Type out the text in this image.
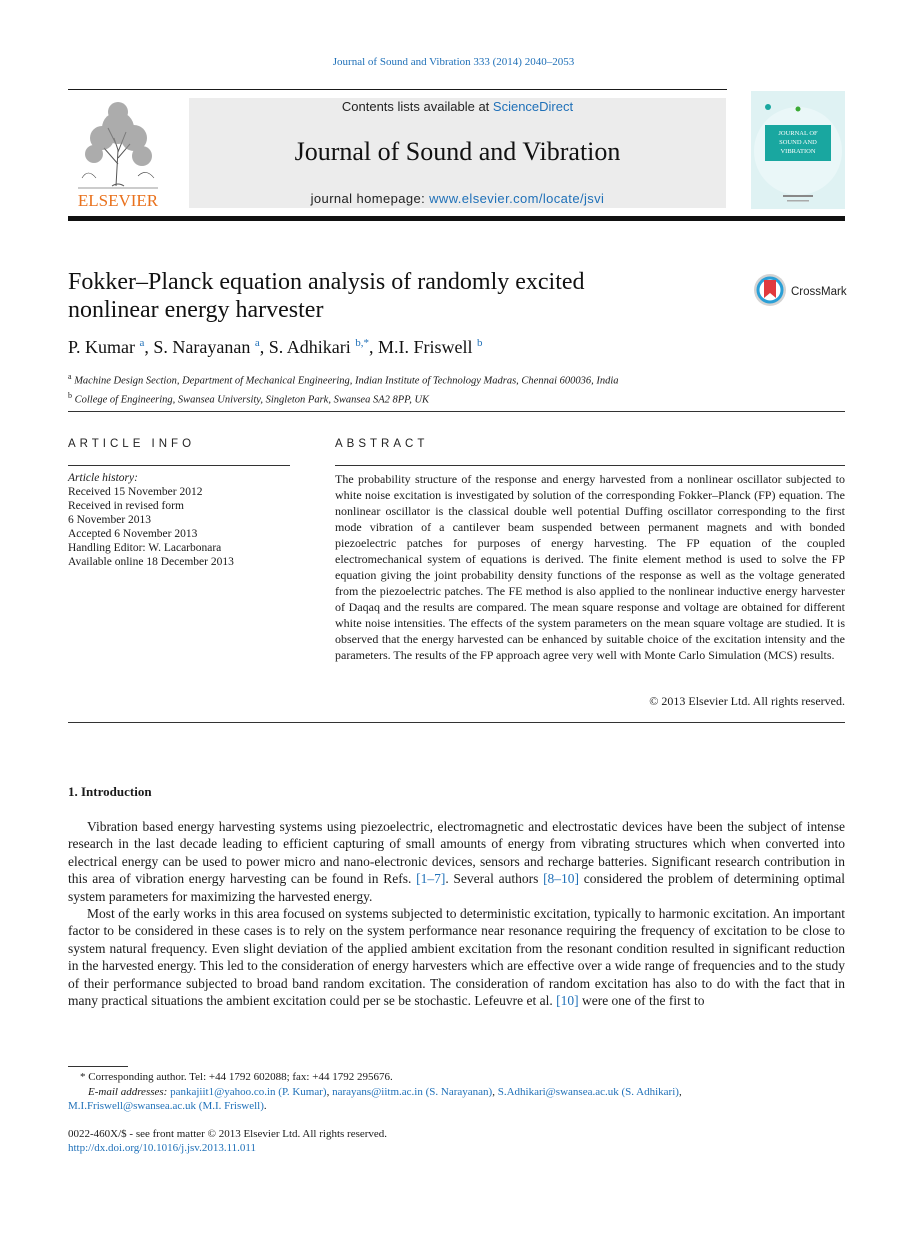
Journal of Sound and Vibration 333 (2014) 2040–2053
ELSEVIER
Contents lists available at ScienceDirect
Journal of Sound and Vibration
journal homepage: www.elsevier.com/locate/jsvi
JOURNAL OF
SOUND AND
VIBRATION
Fokker–Planck equation analysis of randomly excited
nonlinear energy harvester
CrossMark
P. Kumar $^a$, S. Narayanan $^a$, S. Adhikari $^{b,*}$, M.I. Friswell $^b$
$^a$ Machine Design Section, Department of Mechanical Engineering, Indian Institute of Technology Madras, Chennai 600036, India
$^b$ College of Engineering, Swansea University, Singleton Park, Swansea SA2 8PP, UK
ARTICLE INFO	ABSTRACT
Article history:
Received 15 November 2012
Received in revised form
6 November 2013
Accepted 6 November 2013
Handling Editor: W. Lacarbonara
Available online 18 December 2013
The probability structure of the response and energy harvested from a nonlinear oscillator subjected to white noise excitation is investigated by solution of the corresponding Fokker–Planck (FP) equation. The nonlinear oscillator is the classical double well potential Duffing oscillator corresponding to the first mode vibration of a cantilever beam suspended between permanent magnets and with bonded piezoelectric patches for purposes of energy harvesting. The FP equation of the coupled electromechanical system of equations is derived. The finite element method is used to solve the FP equation giving the joint probability density functions of the response as well as the voltage generated from the piezoelectric patches. The FE method is also applied to the nonlinear inductive energy harvester of Daqaq and the results are compared. The mean square response and voltage are obtained for different white noise intensities. The effects of the system parameters on the mean square voltage are studied. It is observed that the energy harvested can be enhanced by suitable choice of the excitation intensity and the parameters. The results of the FP approach agree very well with Monte Carlo Simulation (MCS) results.
© 2013 Elsevier Ltd. All rights reserved.
1. Introduction
Vibration based energy harvesting systems using piezoelectric, electromagnetic and electrostatic devices have been the subject of intense research in the last decade leading to efficient capturing of small amounts of energy from vibrating structures which when converted into electrical energy can be used to power micro and nano-electronic devices, sensors and recharge batteries. Significant research contribution in this area of vibration energy harvesting can be found in Refs. [1–7]. Several authors [8–10] considered the problem of determining optimal system parameters for maximizing the harvested energy.
Most of the early works in this area focused on systems subjected to deterministic excitation, typically to harmonic excitation. An important factor to be considered in these cases is to rely on the system performance near resonance requiring the frequency of excitation to be close to system natural frequency. Even slight deviation of the applied ambient excitation from the resonant condition resulted in significant reduction in the harvested energy. This led to the consideration of energy harvesters which are effective over a wide range of frequencies and to the study of their performance subjected to broad band random excitation. The consideration of random excitation has also to do with the fact that in many practical situations the ambient excitation could per se be stochastic. Lefeuvre et al. [10] were one of the first to
* Corresponding author. Tel: +44 1792 602088; fax: +44 1792 295676.
E-mail addresses: pankajiit1@yahoo.co.in (P. Kumar), narayans@iitm.ac.in (S. Narayanan), S.Adhikari@swansea.ac.uk (S. Adhikari),
M.I.Friswell@swansea.ac.uk (M.I. Friswell).
0022-460X/$ - see front matter © 2013 Elsevier Ltd. All rights reserved.
http://dx.doi.org/10.1016/j.jsv.2013.11.011
